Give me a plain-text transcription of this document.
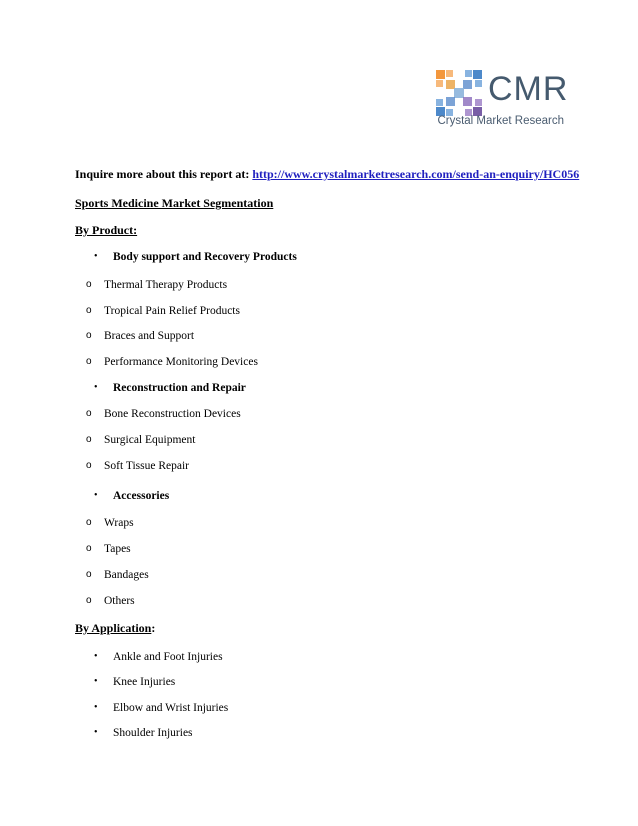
CMR
Crystal Market Research
Inquire more about this report at: http://www.crystalmarketresearch.com/send-an-enquiry/HC056
Sports Medicine Market Segmentation
By Product:
• Body support and Recovery Products
o Thermal Therapy Products
o Tropical Pain Relief Products
o Braces and Support
o Performance Monitoring Devices
• Reconstruction and Repair
o Bone Reconstruction Devices
o Surgical Equipment
o Soft Tissue Repair
• Accessories
o Wraps
o Tapes
o Bandages
o Others
By Application:
• Ankle and Foot Injuries
• Knee Injuries
• Elbow and Wrist Injuries
• Shoulder Injuries
